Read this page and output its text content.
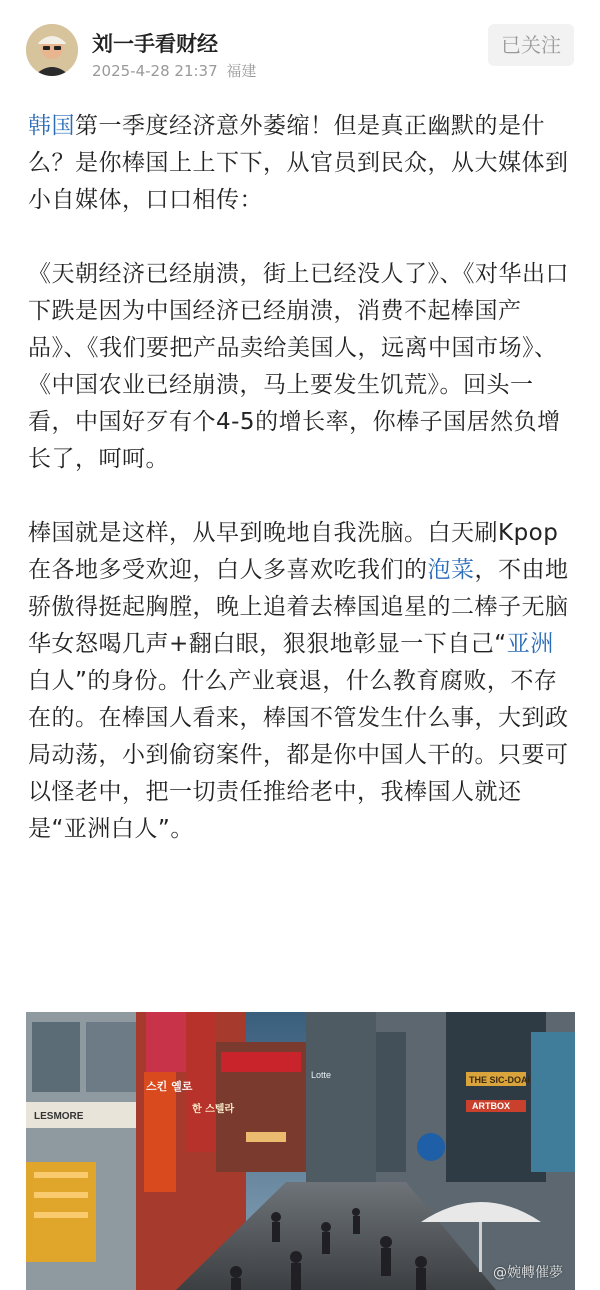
刘一手看财经
2025-4-28 21:37 福建
已关注

韩国第一季度经济意外萎缩！但是真正幽默的是什么？是你棒国上上下下，从官员到民众，从大媒体到小自媒体，口口相传：

《天朝经济已经崩溃，街上已经没人了》、《对华出口下跌是因为中国经济已经崩溃，消费不起棒国产品》、《我们要把产品卖给美国人，远离中国市场》、《中国农业已经崩溃，马上要发生饥荒》。回头一看，中国好歹有个4-5的增长率，你棒子国居然负增长了，呵呵。

棒国就是这样，从早到晚地自我洗脑。白天刷Kpop在各地多受欢迎，白人多喜欢吃我们的泡菜，不由地骄傲得挺起胸膛，晚上追着去棒国追星的二棒子无脑华女怒喝几声+翻白眼，狠狠地彰显一下自己“亚洲白人”的身份。什么产业衰退，什么教育腐败，不存在的。在棒国人看来，棒国不管发生什么事，大到政局动荡，小到偷窃案件，都是你中国人干的。只要可以怪老中，把一切责任推给老中，我棒国人就还是“亚洲白人”。

LESMORE
스킨 옐로
한 스텔라
THE SIC-DOAI
ARTBOX
Lotte
@婉轉催夢
